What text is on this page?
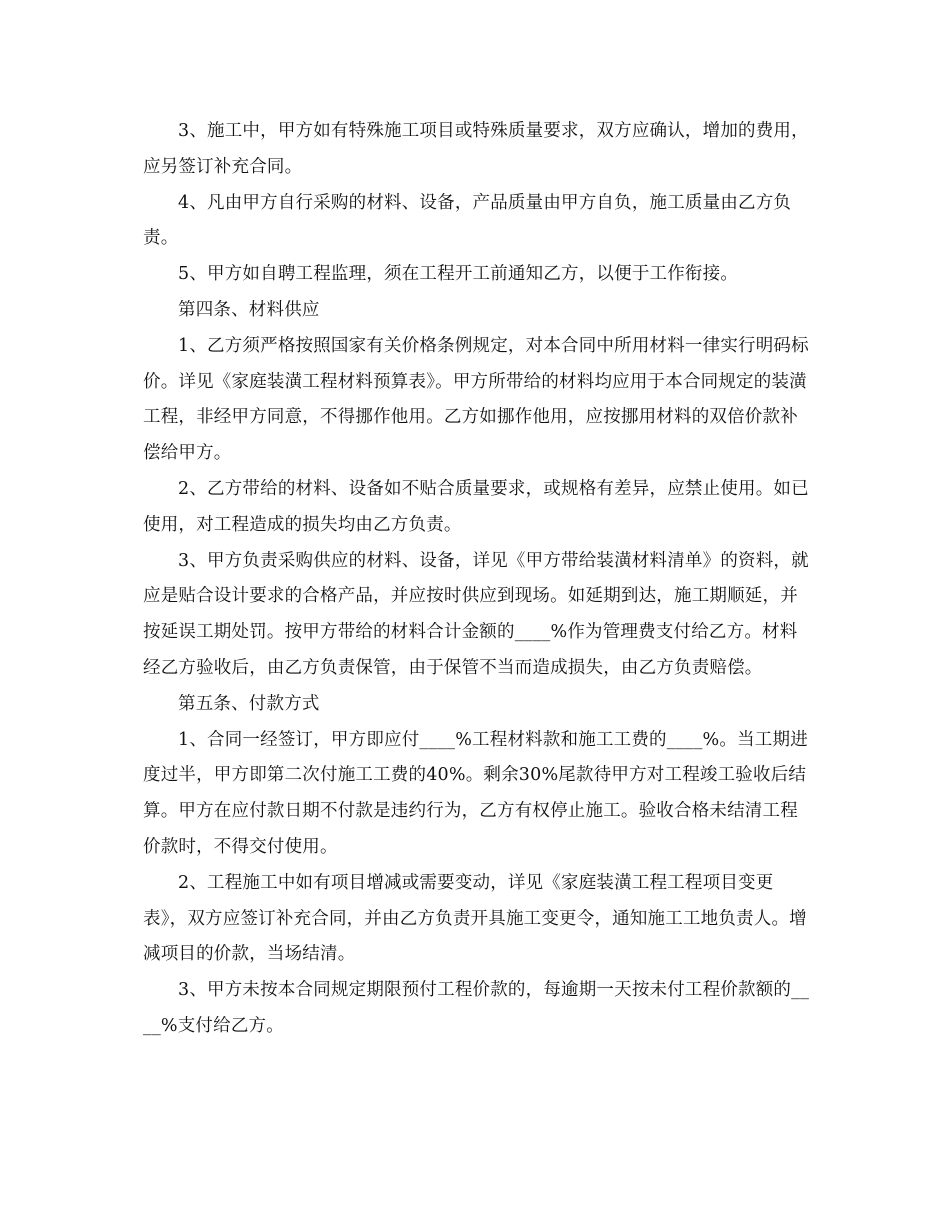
3、施工中，甲方如有特殊施工项目或特殊质量要求，双方应确认，增加的费用，应另签订补充合同。

4、凡由甲方自行采购的材料、设备，产品质量由甲方自负，施工质量由乙方负责。

5、甲方如自聘工程监理，须在工程开工前通知乙方，以便于工作衔接。

第四条、材料供应

1、乙方须严格按照国家有关价格条例规定，对本合同中所用材料一律实行明码标价。详见《家庭装潢工程材料预算表》。甲方所带给的材料均应用于本合同规定的装潢工程，非经甲方同意，不得挪作他用。乙方如挪作他用，应按挪用材料的双倍价款补偿给甲方。

2、乙方带给的材料、设备如不贴合质量要求，或规格有差异，应禁止使用。如已使用，对工程造成的损失均由乙方负责。

3、甲方负责采购供应的材料、设备，详见《甲方带给装潢材料清单》的资料，就应是贴合设计要求的合格产品，并应按时供应到现场。如延期到达，施工期顺延，并按延误工期处罚。按甲方带给的材料合计金额的____%作为管理费支付给乙方。材料经乙方验收后，由乙方负责保管，由于保管不当而造成损失，由乙方负责赔偿。

第五条、付款方式

1、合同一经签订，甲方即应付____%工程材料款和施工工费的____%。当工期进度过半，甲方即第二次付施工工费的40%。剩余30%尾款待甲方对工程竣工验收后结算。甲方在应付款日期不付款是违约行为，乙方有权停止施工。验收合格未结清工程价款时，不得交付使用。

2、工程施工中如有项目增减或需要变动，详见《家庭装潢工程工程项目变更表》，双方应签订补充合同，并由乙方负责开具施工变更令，通知施工工地负责人。增减项目的价款，当场结清。

3、甲方未按本合同规定期限预付工程价款的，每逾期一天按未付工程价款额的____%支付给乙方。
